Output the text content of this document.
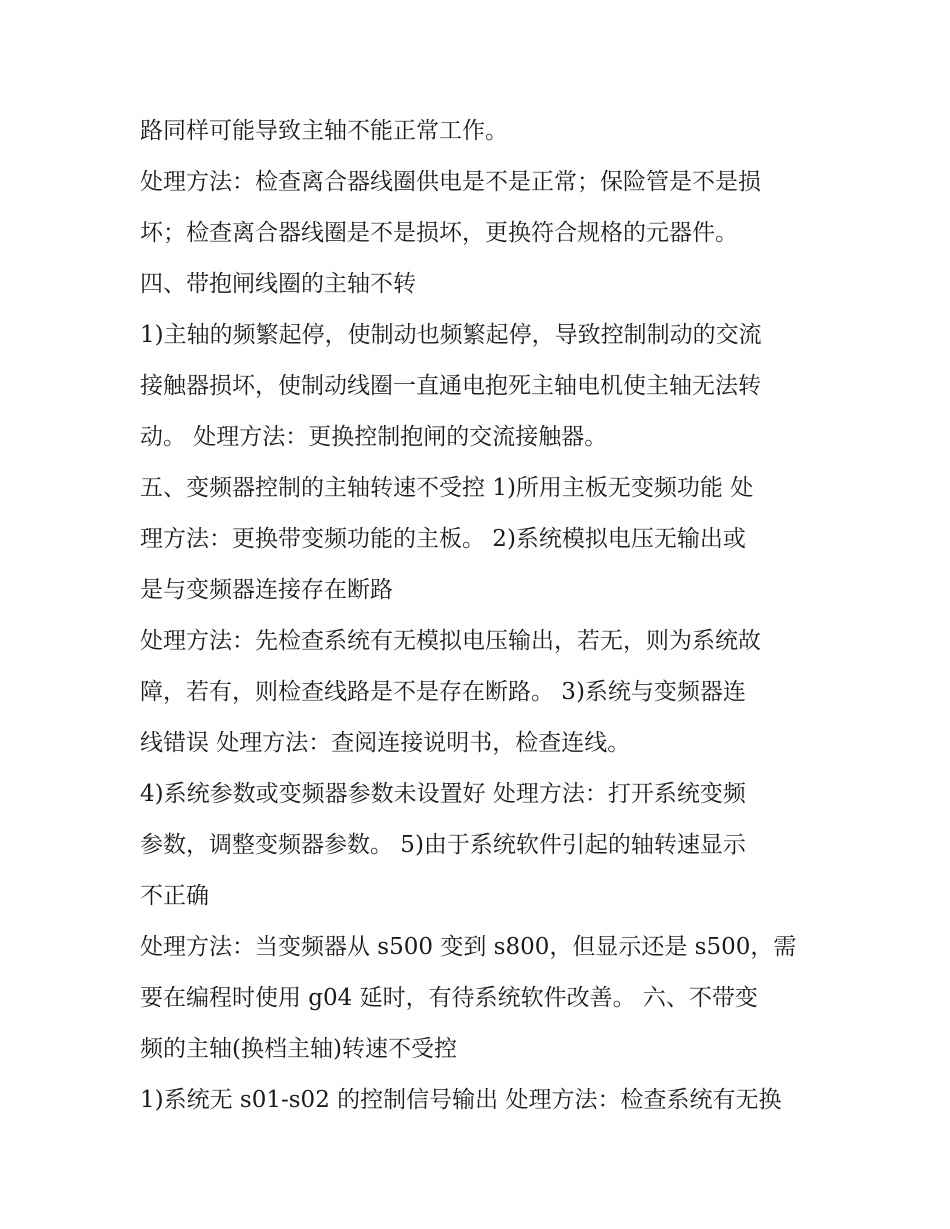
路同样可能导致主轴不能正常工作。
处理方法：检查离合器线圈供电是不是正常；保险管是不是损
坏；检查离合器线圈是不是损坏，更换符合规格的元器件。
四、带抱闸线圈的主轴不转
1)主轴的频繁起停，使制动也频繁起停，导致控制制动的交流
接触器损坏，使制动线圈一直通电抱死主轴电机使主轴无法转
动。 处理方法：更换控制抱闸的交流接触器。
五、变频器控制的主轴转速不受控 1)所用主板无变频功能 处
理方法：更换带变频功能的主板。 2)系统模拟电压无输出或
是与变频器连接存在断路
处理方法：先检查系统有无模拟电压输出，若无，则为系统故
障，若有，则检查线路是不是存在断路。 3)系统与变频器连
线错误 处理方法：查阅连接说明书，检查连线。
4)系统参数或变频器参数未设置好 处理方法：打开系统变频
参数，调整变频器参数。 5)由于系统软件引起的轴转速显示
不正确
处理方法：当变频器从 s500 变到 s800，但显示还是 s500，需
要在编程时使用 g04 延时，有待系统软件改善。 六、不带变
频的主轴(换档主轴)转速不受控
1)系统无 s01-s02 的控制信号输出 处理方法：检查系统有无换
